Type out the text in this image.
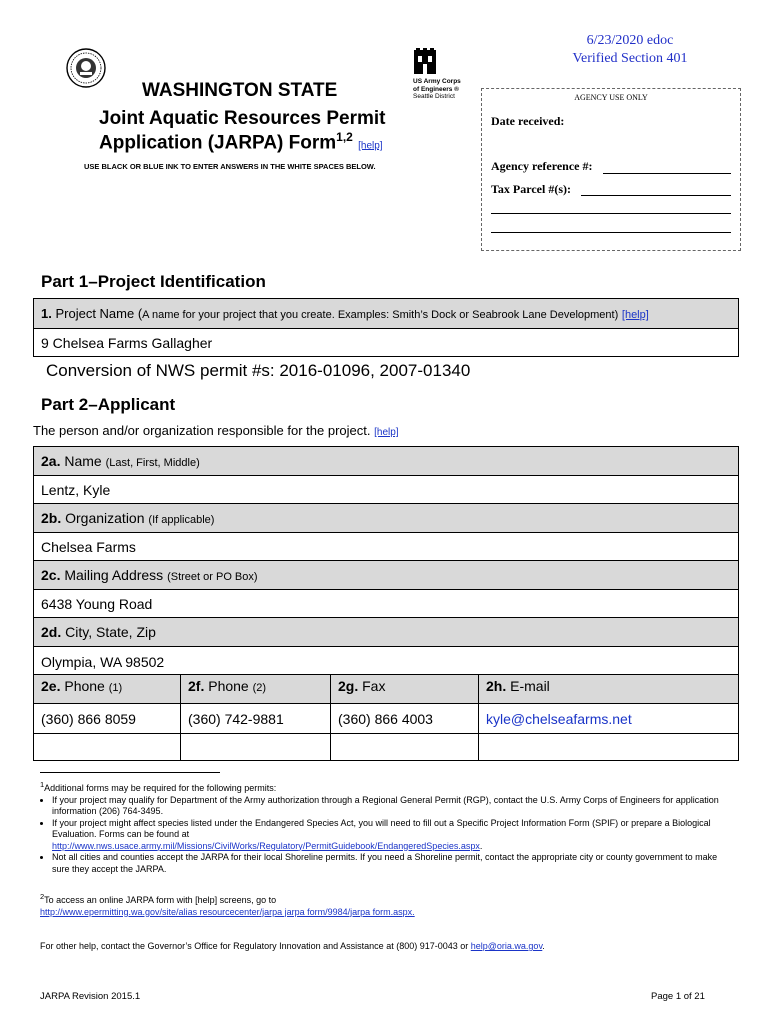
6/23/2020 edoc
Verified Section 401
US Army Corps
of Engineers ®
Seattle District
WASHINGTON STATE
Joint Aquatic Resources Permit
Application (JARPA) Form$^{1,2}$ [help]
USE BLACK OR BLUE INK TO ENTER ANSWERS IN THE WHITE SPACES BELOW.
AGENCY USE ONLY
Date received:
Agency reference #:
Tax Parcel #(s):
Part 1–Project Identification
1. Project Name (A name for your project that you create. Examples: Smith’s Dock or Seabrook Lane Development) [help]
9 Chelsea Farms Gallagher
Conversion of NWS permit #s: 2016-01096, 2007-01340
Part 2–Applicant
The person and/or organization responsible for the project. [help]
2a. Name (Last, First, Middle)
Lentz, Kyle
2b. Organization (If applicable)
Chelsea Farms
2c. Mailing Address (Street or PO Box)
6438 Young Road
2d. City, State, Zip
Olympia, WA 98502
2e. Phone (1)	2f. Phone (2)	2g. Fax	2h. E-mail
(360) 866 8059	(360) 742-9881	(360) 866 4003	kyle@chelseafarms.net
$^1$Additional forms may be required for the following permits:
• If your project may qualify for Department of the Army authorization through a Regional General Permit (RGP), contact the U.S. Army Corps of Engineers for application information (206) 764-3495.
• If your project might affect species listed under the Endangered Species Act, you will need to fill out a Specific Project Information Form (SPIF) or prepare a Biological Evaluation. Forms can be found at
http://www.nws.usace.army.mil/Missions/CivilWorks/Regulatory/PermitGuidebook/EndangeredSpecies.aspx.
• Not all cities and counties accept the JARPA for their local Shoreline permits. If you need a Shoreline permit, contact the appropriate city or county government to make sure they accept the JARPA.
$^2$To access an online JARPA form with [help] screens, go to
http://www.epermitting.wa.gov/site/alias resourcecenter/jarpa jarpa form/9984/jarpa form.aspx.
For other help, contact the Governor’s Office for Regulatory Innovation and Assistance at (800) 917-0043 or help@oria.wa.gov.
JARPA Revision 2015.1	Page 1 of 21
